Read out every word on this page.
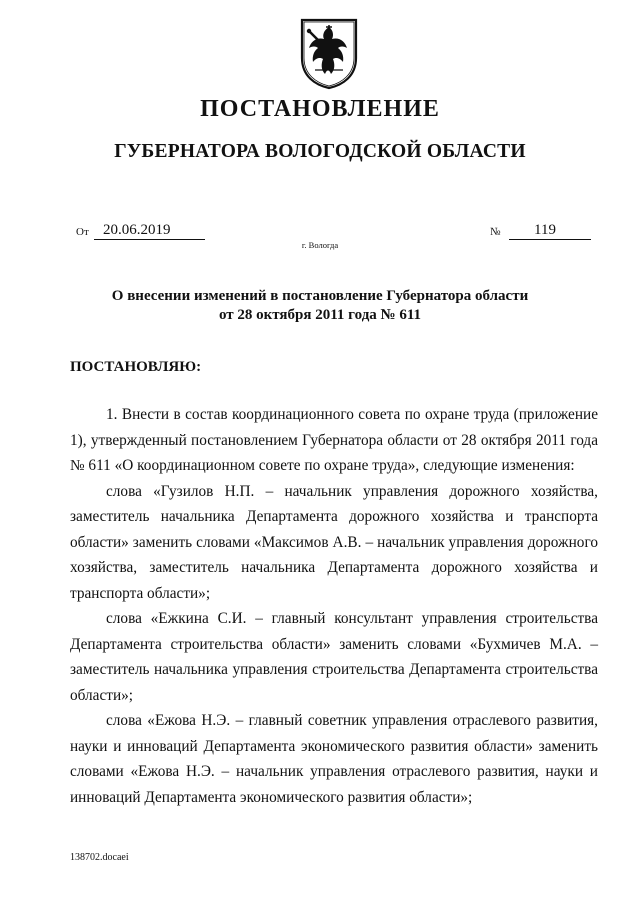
ПОСТАНОВЛЕНИЕ
ГУБЕРНАТОРА ВОЛОГОДСКОЙ ОБЛАСТИ
От 20.06.2019	№	119
г. Вологда
О внесении изменений в постановление Губернатора области
от 28 октября 2011 года № 611
ПОСТАНОВЛЯЮ:

1. Внести в состав координационного совета по охране труда (приложение 1), утвержденный постановлением Губернатора области от 28 октября 2011 года № 611 «О координационном совете по охране труда», следующие изменения:

слова «Гузилов Н.П. – начальник управления дорожного хозяйства, заместитель начальника Департамента дорожного хозяйства и транспорта области» заменить словами «Максимов А.В. – начальник управления дорожного хозяйства, заместитель начальника Департамента дорожного хозяйства и транспорта области»;

слова «Ежкина С.И. – главный консультант управления строительства Департамента строительства области» заменить словами «Бухмичев М.А. – заместитель начальника управления строительства Департамента строительства области»;

слова «Ежова Н.Э. – главный советник управления отраслевого развития, науки и инноваций Департамента экономического развития области» заменить словами «Ежова Н.Э. – начальник управления отраслевого развития, науки и инноваций Департамента экономического развития области»;

138702.docaei
